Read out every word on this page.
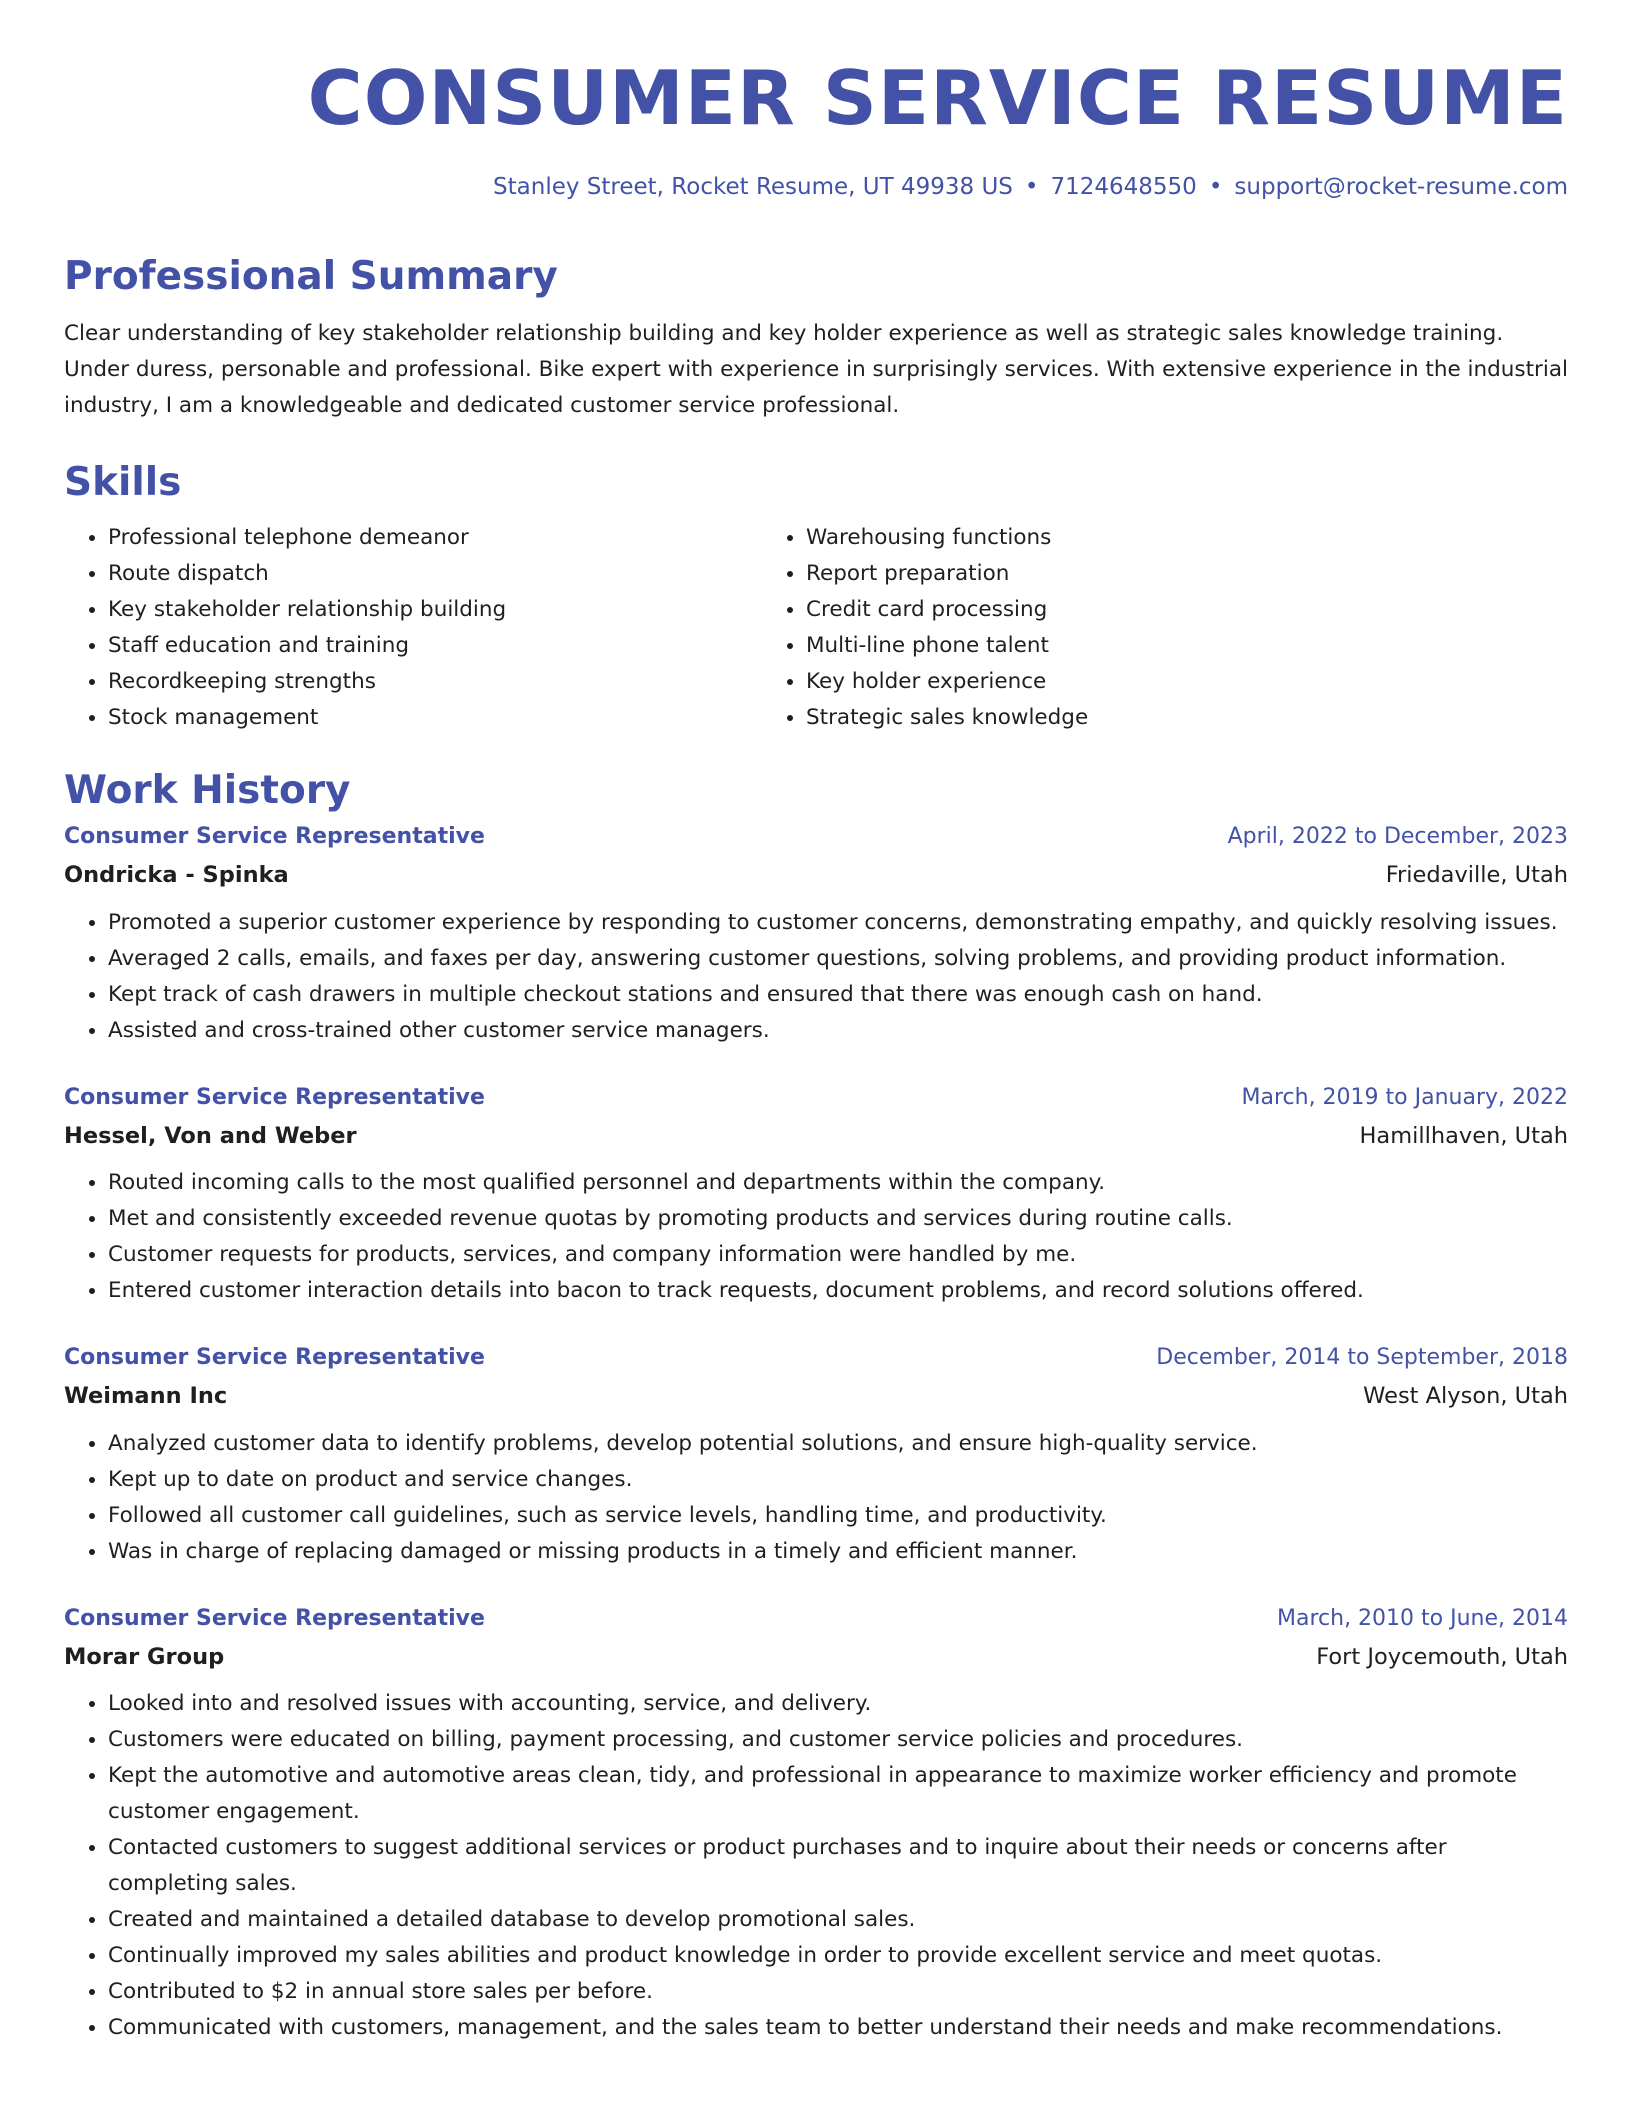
CONSUMER SERVICE RESUME
Stanley Street, Rocket Resume, UT 49938 US • 7124648550 • support@rocket-resume.com
Professional Summary
Clear understanding of key stakeholder relationship building and key holder experience as well as strategic sales knowledge training. Under duress, personable and professional. Bike expert with experience in surprisingly services. With extensive experience in the industrial industry, I am a knowledgeable and dedicated customer service professional.
Skills
• Professional telephone demeanor
• Route dispatch
• Key stakeholder relationship building
• Staff education and training
• Recordkeeping strengths
• Stock management
• Warehousing functions
• Report preparation
• Credit card processing
• Multi-line phone talent
• Key holder experience
• Strategic sales knowledge
Work History
Consumer Service Representative	April, 2022 to December, 2023
Ondricka - Spinka	Friedaville, Utah
• Promoted a superior customer experience by responding to customer concerns, demonstrating empathy, and quickly resolving issues.
• Averaged 2 calls, emails, and faxes per day, answering customer questions, solving problems, and providing product information.
• Kept track of cash drawers in multiple checkout stations and ensured that there was enough cash on hand.
• Assisted and cross-trained other customer service managers.
Consumer Service Representative	March, 2019 to January, 2022
Hessel, Von and Weber	Hamillhaven, Utah
• Routed incoming calls to the most qualified personnel and departments within the company.
• Met and consistently exceeded revenue quotas by promoting products and services during routine calls.
• Customer requests for products, services, and company information were handled by me.
• Entered customer interaction details into bacon to track requests, document problems, and record solutions offered.
Consumer Service Representative	December, 2014 to September, 2018
Weimann Inc	West Alyson, Utah
• Analyzed customer data to identify problems, develop potential solutions, and ensure high-quality service.
• Kept up to date on product and service changes.
• Followed all customer call guidelines, such as service levels, handling time, and productivity.
• Was in charge of replacing damaged or missing products in a timely and efficient manner.
Consumer Service Representative	March, 2010 to June, 2014
Morar Group	Fort Joycemouth, Utah
• Looked into and resolved issues with accounting, service, and delivery.
• Customers were educated on billing, payment processing, and customer service policies and procedures.
• Kept the automotive and automotive areas clean, tidy, and professional in appearance to maximize worker efficiency and promote customer engagement.
• Contacted customers to suggest additional services or product purchases and to inquire about their needs or concerns after completing sales.
• Created and maintained a detailed database to develop promotional sales.
• Continually improved my sales abilities and product knowledge in order to provide excellent service and meet quotas.
• Contributed to $2 in annual store sales per before.
• Communicated with customers, management, and the sales team to better understand their needs and make recommendations.
